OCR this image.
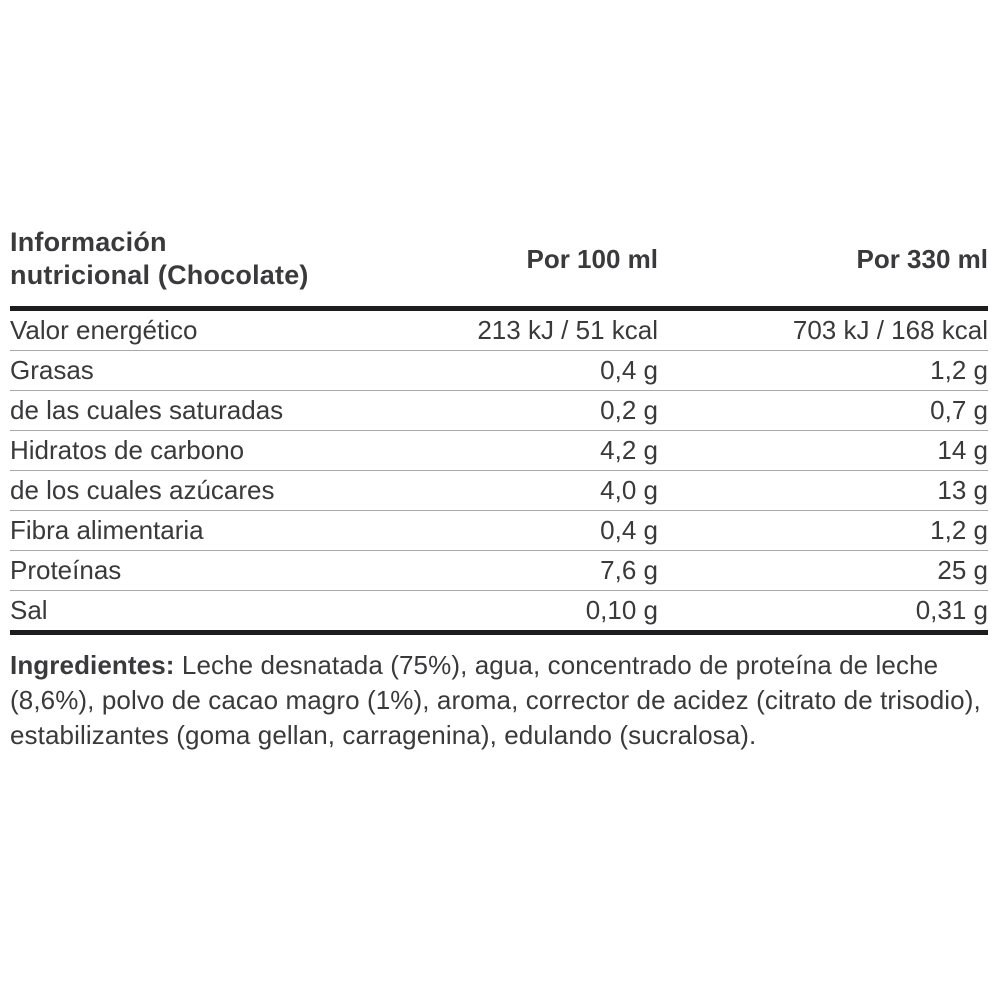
Información
nutricional (Chocolate)
Por 100 ml	Por 330 ml
Valor energético	213 kJ / 51 kcal	703 kJ / 168 kcal
Grasas	0,4 g	1,2 g
de las cuales saturadas	0,2 g	0,7 g
Hidratos de carbono	4,2 g	14 g
de los cuales azúcares	4,0 g	13 g
Fibra alimentaria	0,4 g	1,2 g
Proteínas	7,6 g	25 g
Sal	0,10 g	0,31 g

Ingredientes: Leche desnatada (75%), agua, concentrado de proteína de leche (8,6%), polvo de cacao magro (1%), aroma, corrector de acidez (citrato de trisodio), estabilizantes (goma gellan, carragenina), edulando (sucralosa).
